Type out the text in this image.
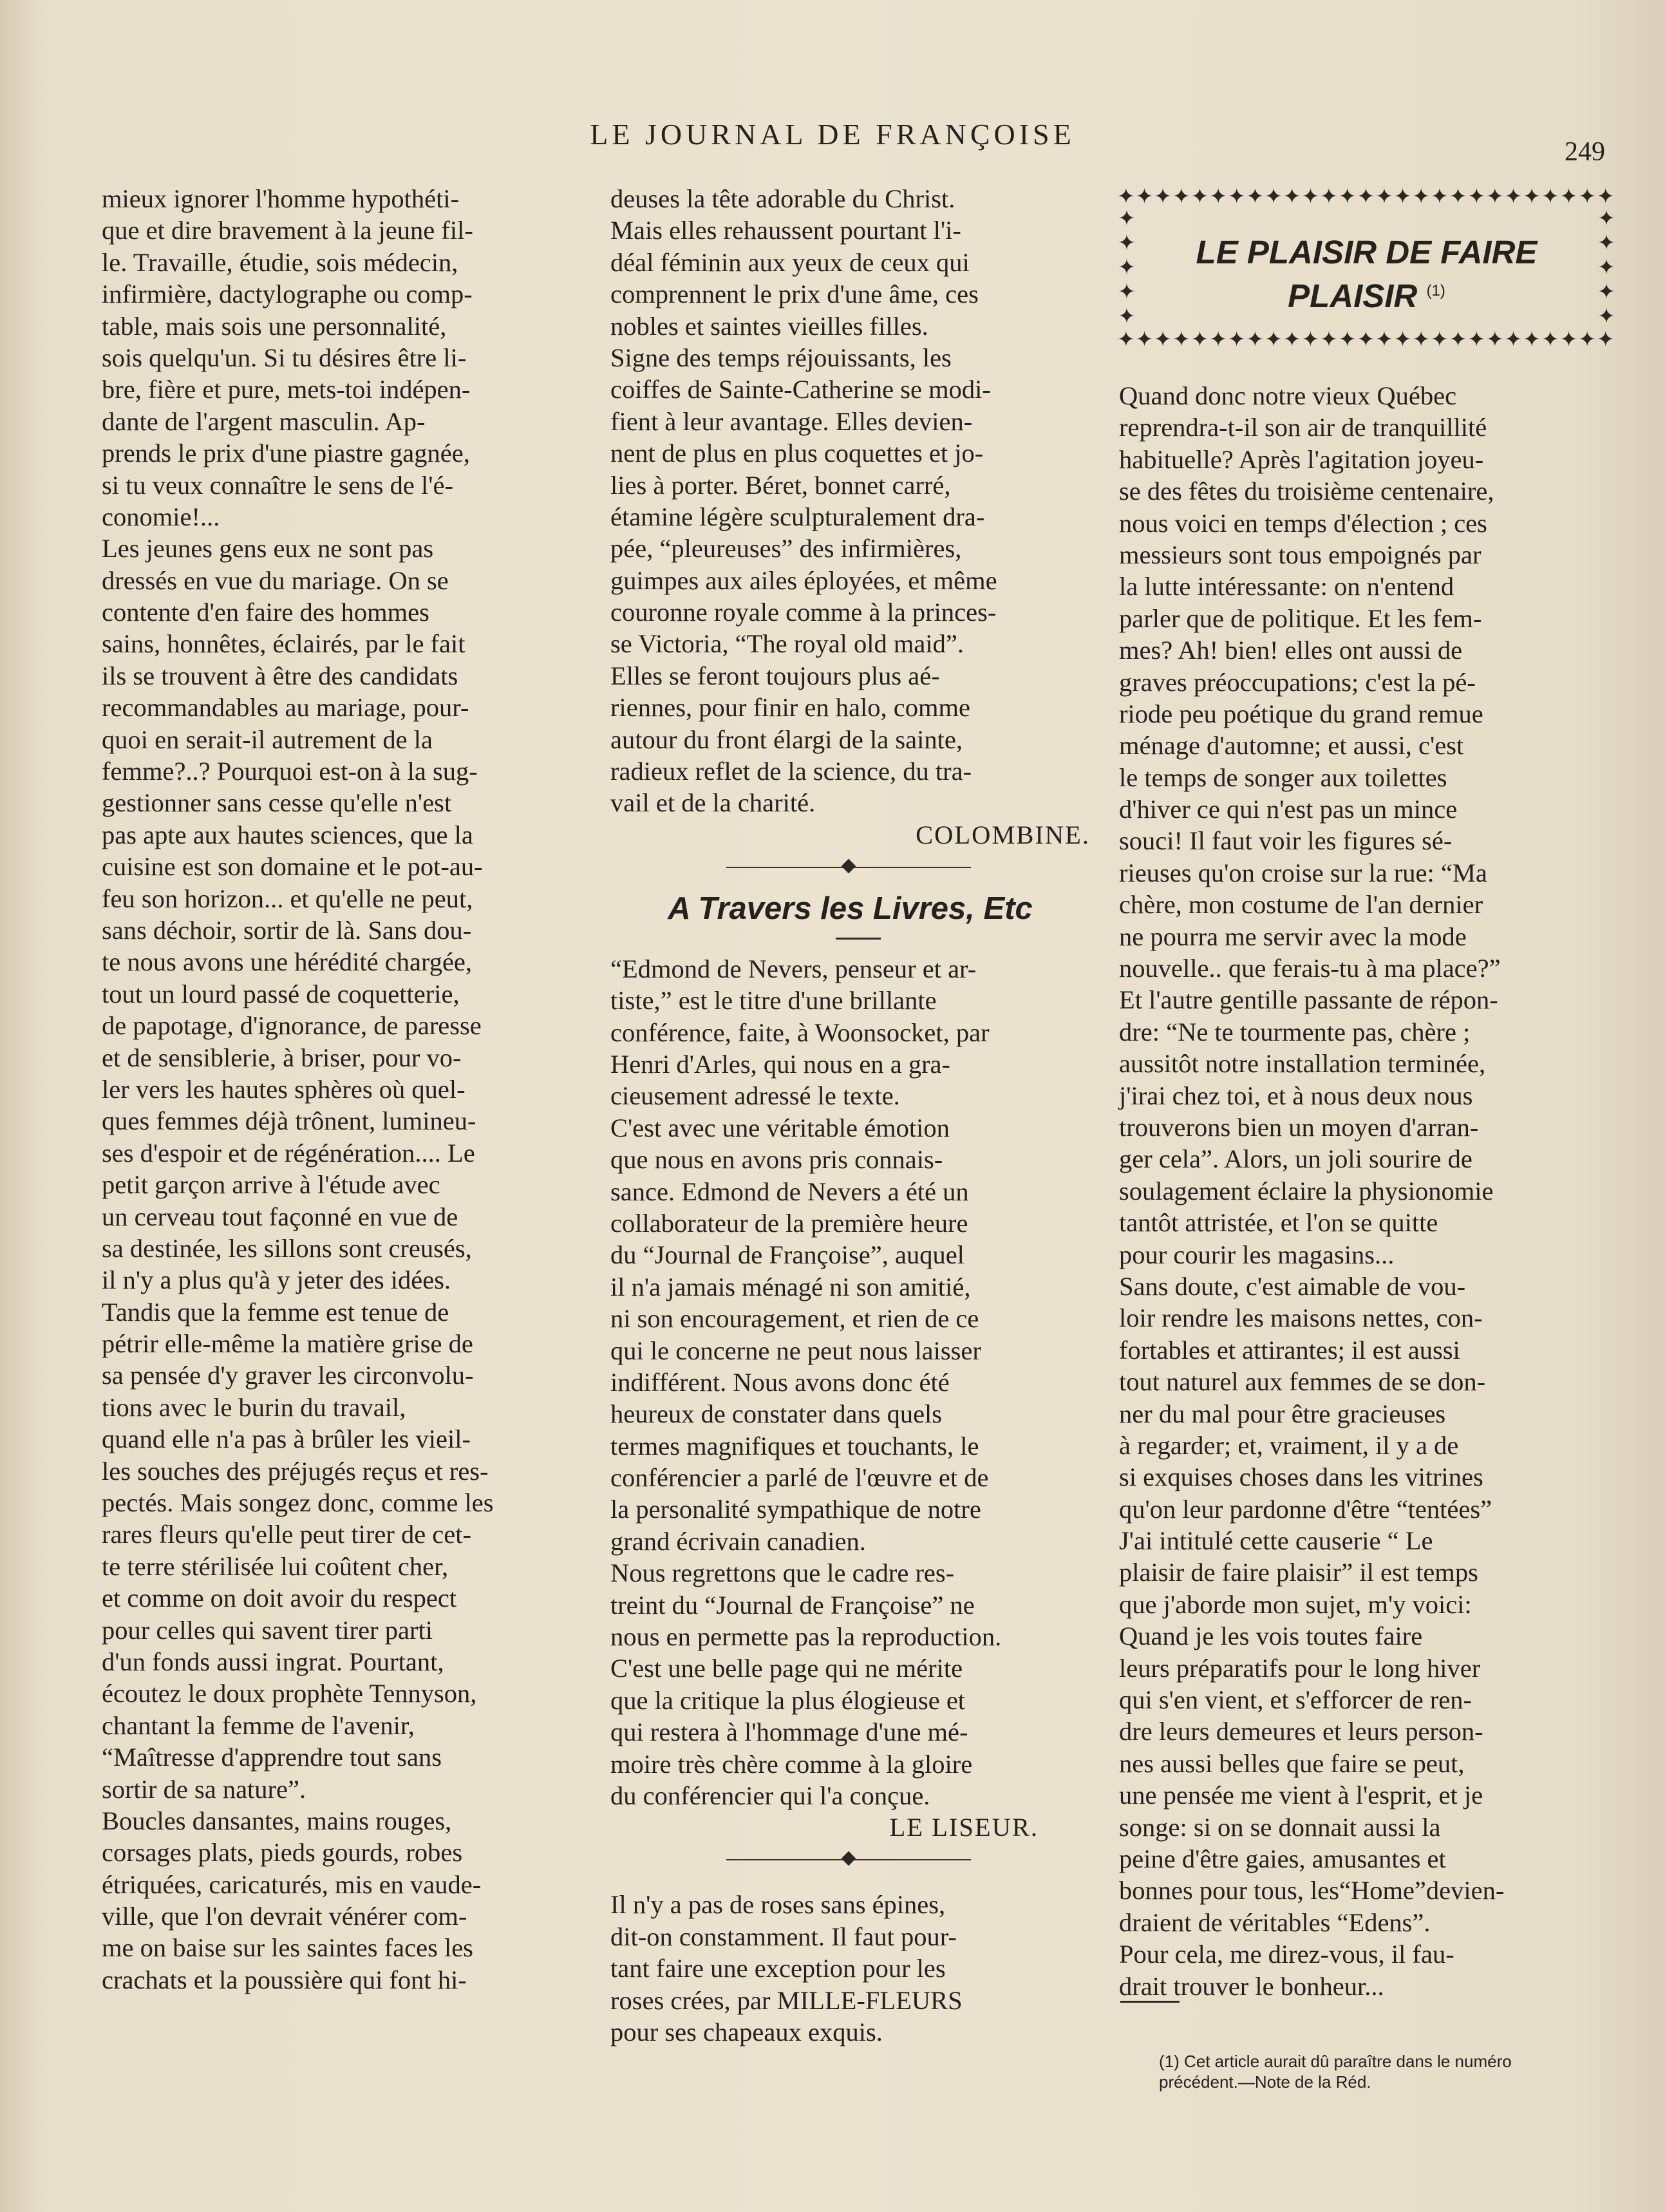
LE JOURNAL DE FRANÇOISE
249
mieux ignorer l'homme hypothéti-
que et dire bravement à la jeune fil-
le. Travaille, étudie, sois médecin,
infirmière, dactylographe ou comp-
table, mais sois une personnalité,
sois quelqu'un. Si tu désires être li-
bre, fière et pure, mets-toi indépen-
dante de l'argent masculin. Ap-
prends le prix d'une piastre gagnée,
si tu veux connaître le sens de l'é-
conomie!...
Les jeunes gens eux ne sont pas
dressés en vue du mariage. On se
contente d'en faire des hommes
sains, honnêtes, éclairés, par le fait
ils se trouvent à être des candidats
recommandables au mariage, pour-
quoi en serait-il autrement de la
femme?..? Pourquoi est-on à la sug-
gestionner sans cesse qu'elle n'est
pas apte aux hautes sciences, que la
cuisine est son domaine et le pot-au-
feu son horizon... et qu'elle ne peut,
sans déchoir, sortir de là. Sans dou-
te nous avons une hérédité chargée,
tout un lourd passé de coquetterie,
de papotage, d'ignorance, de paresse
et de sensiblerie, à briser, pour vo-
ler vers les hautes sphères où quel-
ques femmes déjà trônent, lumineu-
ses d'espoir et de régénération.... Le
petit garçon arrive à l'étude avec
un cerveau tout façonné en vue de
sa destinée, les sillons sont creusés,
il n'y a plus qu'à y jeter des idées.
Tandis que la femme est tenue de
pétrir elle-même la matière grise de
sa pensée d'y graver les circonvolu-
tions avec le burin du travail,
quand elle n'a pas à brûler les vieil-
les souches des préjugés reçus et res-
pectés. Mais songez donc, comme les
rares fleurs qu'elle peut tirer de cet-
te terre stérilisée lui coûtent cher,
et comme on doit avoir du respect
pour celles qui savent tirer parti
d'un fonds aussi ingrat. Pourtant,
écoutez le doux prophète Tennyson,
chantant la femme de l'avenir,
“Maîtresse d'apprendre tout sans
sortir de sa nature”.
Boucles dansantes, mains rouges,
corsages plats, pieds gourds, robes
étriquées, caricaturés, mis en vaude-
ville, que l'on devrait vénérer com-
me on baise sur les saintes faces les
crachats et la poussière qui font hi-
deuses la tête adorable du Christ.
Mais elles rehaussent pourtant l'i-
déal féminin aux yeux de ceux qui
comprennent le prix d'une âme, ces
nobles et saintes vieilles filles.
Signe des temps réjouissants, les
coiffes de Sainte-Catherine se modi-
fient à leur avantage. Elles devien-
nent de plus en plus coquettes et jo-
lies à porter. Béret, bonnet carré,
étamine légère sculpturalement dra-
pée, “pleureuses” des infirmières,
guimpes aux ailes éployées, et même
couronne royale comme à la princes-
se Victoria, “The royal old maid”.
Elles se feront toujours plus aé-
riennes, pour finir en halo, comme
autour du front élargi de la sainte,
radieux reflet de la science, du tra-
vail et de la charité.
COLOMBINE.
A Travers les Livres, Etc
“Edmond de Nevers, penseur et ar-
tiste,” est le titre d'une brillante
conférence, faite, à Woonsocket, par
Henri d'Arles, qui nous en a gra-
cieusement adressé le texte.
C'est avec une véritable émotion
que nous en avons pris connais-
sance. Edmond de Nevers a été un
collaborateur de la première heure
du “Journal de Françoise”, auquel
il n'a jamais ménagé ni son amitié,
ni son encouragement, et rien de ce
qui le concerne ne peut nous laisser
indifférent. Nous avons donc été
heureux de constater dans quels
termes magnifiques et touchants, le
conférencier a parlé de l'œuvre et de
la personalité sympathique de notre
grand écrivain canadien.
Nous regrettons que le cadre res-
treint du “Journal de Françoise” ne
nous en permette pas la reproduction.
C'est une belle page qui ne mérite
que la critique la plus élogieuse et
qui restera à l'hommage d'une mé-
moire très chère comme à la gloire
du conférencier qui l'a conçue.
LE LISEUR.
Il n'y a pas de roses sans épines,
dit-on constamment. Il faut pour-
tant faire une exception pour les
roses crées, par MILLE-FLEURS
pour ses chapeaux exquis.
✦✦✦✦✦✦✦✦✦✦✦✦✦✦✦✦✦✦✦✦✦✦✦✦✦✦✦
✦
✦
✦
✦
✦
✦
✦
✦
✦
✦
LE PLAISIR DE FAIRE
PLAISIR $^{(1)}$
✦✦✦✦✦✦✦✦✦✦✦✦✦✦✦✦✦✦✦✦✦✦✦✦✦✦✦
Quand donc notre vieux Québec
reprendra-t-il son air de tranquillité
habituelle? Après l'agitation joyeu-
se des fêtes du troisième centenaire,
nous voici en temps d'élection ; ces
messieurs sont tous empoignés par
la lutte intéressante: on n'entend
parler que de politique. Et les fem-
mes? Ah! bien! elles ont aussi de
graves préoccupations; c'est la pé-
riode peu poétique du grand remue
ménage d'automne; et aussi, c'est
le temps de songer aux toilettes
d'hiver ce qui n'est pas un mince
souci! Il faut voir les figures sé-
rieuses qu'on croise sur la rue: “Ma
chère, mon costume de l'an dernier
ne pourra me servir avec la mode
nouvelle.. que ferais-tu à ma place?”
Et l'autre gentille passante de répon-
dre: “Ne te tourmente pas, chère ;
aussitôt notre installation terminée,
j'irai chez toi, et à nous deux nous
trouverons bien un moyen d'arran-
ger cela”. Alors, un joli sourire de
soulagement éclaire la physionomie
tantôt attristée, et l'on se quitte
pour courir les magasins...
Sans doute, c'est aimable de vou-
loir rendre les maisons nettes, con-
fortables et attirantes; il est aussi
tout naturel aux femmes de se don-
ner du mal pour être gracieuses
à regarder; et, vraiment, il y a de
si exquises choses dans les vitrines
qu'on leur pardonne d'être “tentées”
J'ai intitulé cette causerie “ Le
plaisir de faire plaisir” il est temps
que j'aborde mon sujet, m'y voici:
Quand je les vois toutes faire
leurs préparatifs pour le long hiver
qui s'en vient, et s'efforcer de ren-
dre leurs demeures et leurs person-
nes aussi belles que faire se peut,
une pensée me vient à l'esprit, et je
songe: si on se donnait aussi la
peine d'être gaies, amusantes et
bonnes pour tous, les“Home”devien-
draient de véritables “Edens”.
Pour cela, me direz-vous, il fau-
drait trouver le bonheur...
(1) Cet article aurait dû paraître dans le numéro
précédent.—Note de la Réd.
